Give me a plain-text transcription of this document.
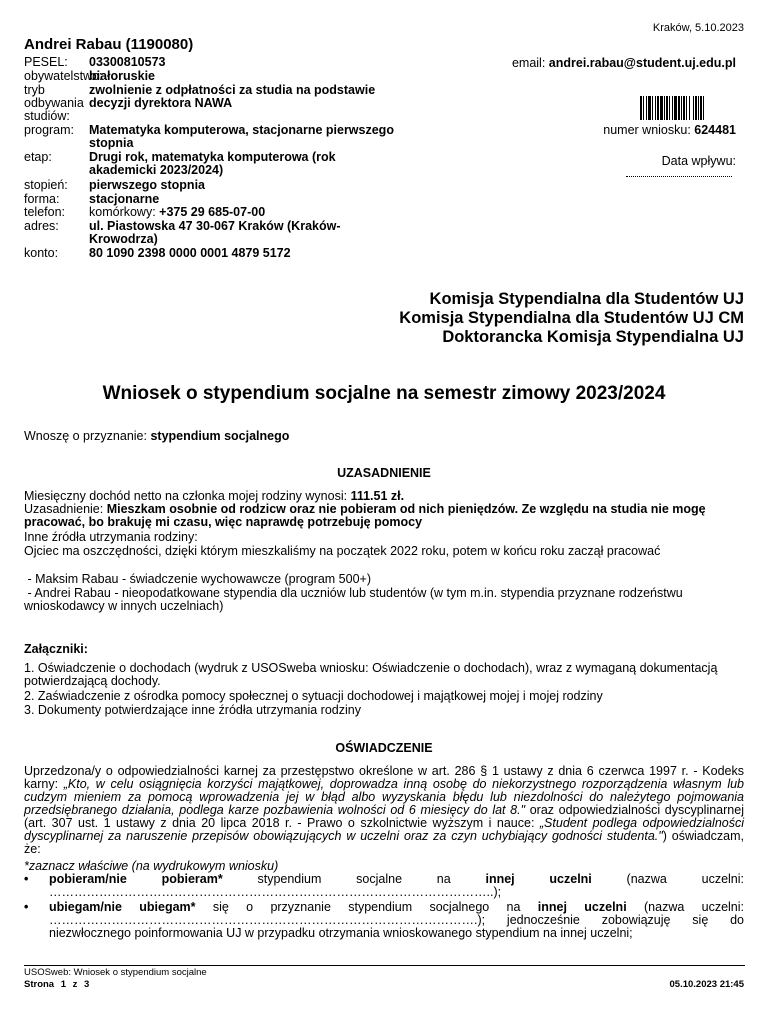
Kraków, 5.10.2023
Andrei Rabau (1190080)
PESEL:	03300810573
obywatelstwo:
białoruskie
tryb odbywania studiów:
zwolnienie z odpłatności za studia na podstawie decyzji dyrektora NAWA
program:	Matematyka komputerowa, stacjonarne pierwszego stopnia
etap:	Drugi rok, matematyka komputerowa (rok akademicki 2023/2024)
stopień:	pierwszego stopnia
forma:	stacjonarne
telefon:	komórkowy: +375 29 685-07-00
adres:	ul. Piastowska 47 30-067 Kraków (Kraków-Krowodrza)
konto:	80 1090 2398 0000 0001 4879 5172
email: andrei.rabau@student.uj.edu.pl
numer wniosku: 624481
Data wpływu:
Komisja Stypendialna dla Studentów UJ
Komisja Stypendialna dla Studentów UJ CM
Doktorancka Komisja Stypendialna UJ
Wniosek o stypendium socjalne na semestr zimowy 2023/2024
Wnoszę o przyznanie: stypendium socjalnego
UZASADNIENIE
Miesięczny dochód netto na członka mojej rodziny wynosi: 111.51 zł.
Uzasadnienie: Mieszkam osobnie od rodzicw oraz nie pobieram od nich pieniędzów. Ze względu na studia nie mogę pracować, bo brakuję mi czasu, więc naprawdę potrzebuję pomocy
Inne źródła utrzymania rodziny:
Ojciec ma oszczędności, dzięki którym mieszkaliśmy na początek 2022 roku, potem w końcu roku zaczął pracować
- Maksim Rabau - świadczenie wychowawcze (program 500+)
- Andrei Rabau - nieopodatkowane stypendia dla uczniów lub studentów (w tym m.in. stypendia przyznane rodzeństwu wnioskodawcy w innych uczelniach)
Załączniki:
1. Oświadczenie o dochodach (wydruk z USOSweba wniosku: Oświadczenie o dochodach), wraz z wymaganą dokumentacją potwierdzającą dochody.
2. Zaświadczenie z ośrodka pomocy społecznej o sytuacji dochodowej i majątkowej mojej i mojej rodziny
3. Dokumenty potwierdzające inne źródła utrzymania rodziny
OŚWIADCZENIE
Uprzedzona/y o odpowiedzialności karnej za przestępstwo określone w art. 286 § 1 ustawy z dnia 6 czerwca 1997 r. - Kodeks karny: „Kto, w celu osiągnięcia korzyści majątkowej, doprowadza inną osobę do niekorzystnego rozporządzenia własnym lub cudzym mieniem za pomocą wprowadzenia jej w błąd albo wyzyskania błędu lub niezdolności do należytego pojmowania przedsiębranego działania, podlega karze pozbawienia wolności od 6 miesięcy do lat 8." oraz odpowiedzialności dyscyplinarnej (art. 307 ust. 1 ustawy z dnia 20 lipca 2018 r. - Prawo o szkolnictwie wyższym i nauce: „Student podlega odpowiedzialności dyscyplinarnej za naruszenie przepisów obowiązujących w uczelni oraz za czyn uchybiający godności studenta.") oświadczam, że:
*zaznacz właściwe (na wydrukowym wniosku)
• pobieram/nie pobieram* stypendium socjalne na innej uczelni (nazwa uczelni: ……………………………………………………………………………………………..);
• ubiegam/nie ubiegam* się o przyznanie stypendium socjalnego na innej uczelni (nazwa uczelni: ………………………………………………………………………………………….); jednocześnie zobowiązuję się do niezwłocznego poinformowania UJ w przypadku otrzymania wnioskowanego stypendium na innej uczelni;
USOSweb: Wniosek o stypendium socjalne
Strona 1 z 3	05.10.2023 21:45
